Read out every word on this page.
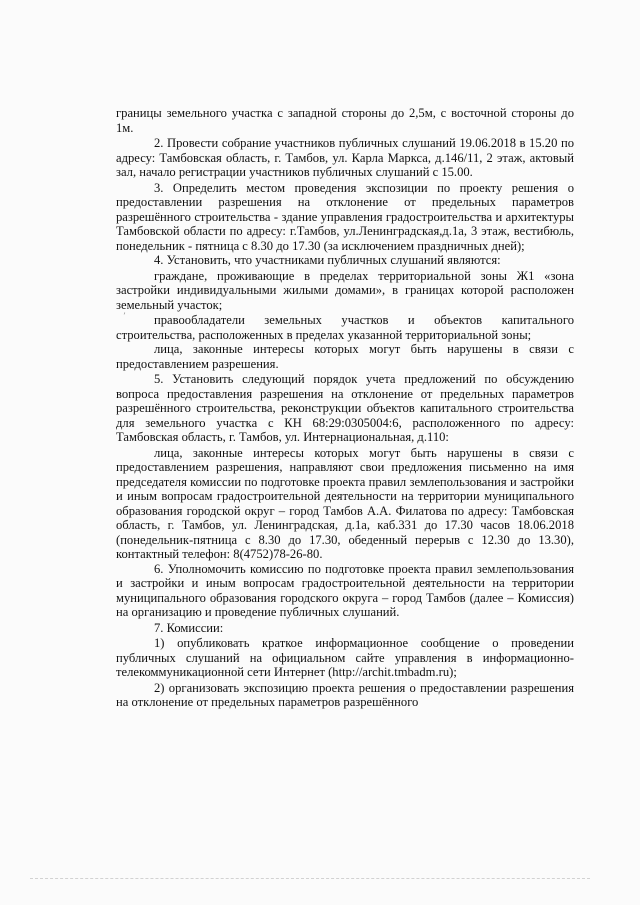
границы земельного участка с западной стороны до 2,5м, с восточной стороны до 1м.

2. Провести собрание участников публичных слушаний 19.06.2018 в 15.20 по адресу: Тамбовская область, г. Тамбов, ул. Карла Маркса, д.146/11, 2 этаж, актовый зал, начало регистрации участников публичных слушаний с 15.00.

3. Определить местом проведения экспозиции по проекту решения о предоставлении разрешения на отклонение от предельных параметров разрешённого строительства - здание управления градостроительства и архитектуры Тамбовской области по адресу: г.Тамбов, ул.Ленинградская,д.1а, 3 этаж, вестибюль, понедельник - пятница с 8.30 до 17.30 (за исключением праздничных дней);

4. Установить, что участниками публичных слушаний являются:

граждане, проживающие в пределах территориальной зоны Ж1 «зона застройки индивидуальными жилыми домами», в границах которой расположен земельный участок;

правообладатели земельных участков и объектов капитального строительства, расположенных в пределах указанной территориальной зоны;

лица, законные интересы которых могут быть нарушены в связи с предоставлением разрешения.

5. Установить следующий порядок учета предложений по обсуждению вопроса предоставления разрешения на отклонение от предельных параметров разрешённого строительства, реконструкции объектов капитального строительства для земельного участка с КН 68:29:0305004:6, расположенного по адресу: Тамбовская область, г. Тамбов, ул. Интернациональная, д.110:

лица, законные интересы которых могут быть нарушены в связи с предоставлением разрешения, направляют свои предложения письменно на имя председателя комиссии по подготовке проекта правил землепользования и застройки и иным вопросам градостроительной деятельности на территории муниципального образования городской округ – город Тамбов А.А. Филатова по адресу: Тамбовская область, г. Тамбов, ул. Ленинградская, д.1а, каб.331 до 17.30 часов 18.06.2018 (понедельник-пятница с 8.30 до 17.30, обеденный перерыв с 12.30 до 13.30), контактный телефон: 8(4752)78-26-80.

6. Уполномочить комиссию по подготовке проекта правил землепользования и застройки и иным вопросам градостроительной деятельности на территории муниципального образования городского округа – город Тамбов (далее – Комиссия) на организацию и проведение публичных слушаний.

7. Комиссии:

1) опубликовать краткое информационное сообщение о проведении публичных слушаний на официальном сайте управления в информационно-телекоммуникационной сети Интернет (http://archit.tmbadm.ru);

2) организовать экспозицию проекта решения о предоставлении разрешения на отклонение от предельных параметров разрешённого

ʼ
